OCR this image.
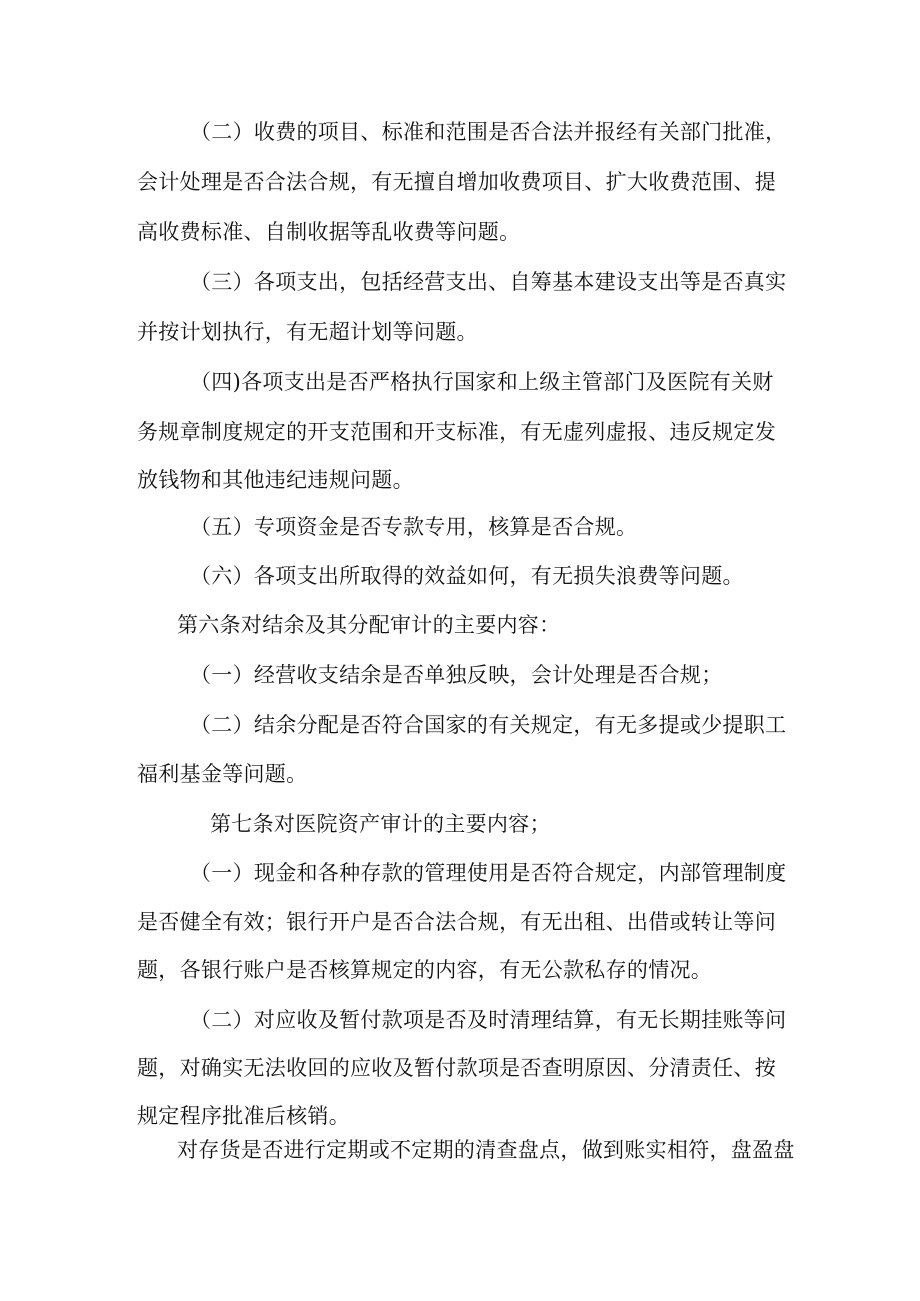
（二）收费的项目、标准和范围是否合法并报经有关部门批准，
会计处理是否合法合规，有无擅自增加收费项目、扩大收费范围、提
高收费标准、自制收据等乱收费等问题。
（三）各项支出，包括经营支出、自筹基本建设支出等是否真实
并按计划执行，有无超计划等问题。
（四)各项支出是否严格执行国家和上级主管部门及医院有关财
务规章制度规定的开支范围和开支标准，有无虚列虚报、违反规定发
放钱物和其他违纪违规问题。
（五）专项资金是否专款专用，核算是否合规。
（六）各项支出所取得的效益如何，有无损失浪费等问题。
第六条对结余及其分配审计的主要内容：
（一）经营收支结余是否单独反映，会计处理是否合规；
（二）结余分配是否符合国家的有关规定，有无多提或少提职工
福利基金等问题。
第七条对医院资产审计的主要内容；
（一）现金和各种存款的管理使用是否符合规定，内部管理制度
是否健全有效；银行开户是否合法合规，有无出租、出借或转让等问
题，各银行账户是否核算规定的内容，有无公款私存的情况。
（二）对应收及暂付款项是否及时清理结算，有无长期挂账等问
题，对确实无法收回的应收及暂付款项是否查明原因、分清责任、按
规定程序批准后核销。
对存货是否进行定期或不定期的清查盘点，做到账实相符，盘盈盘
